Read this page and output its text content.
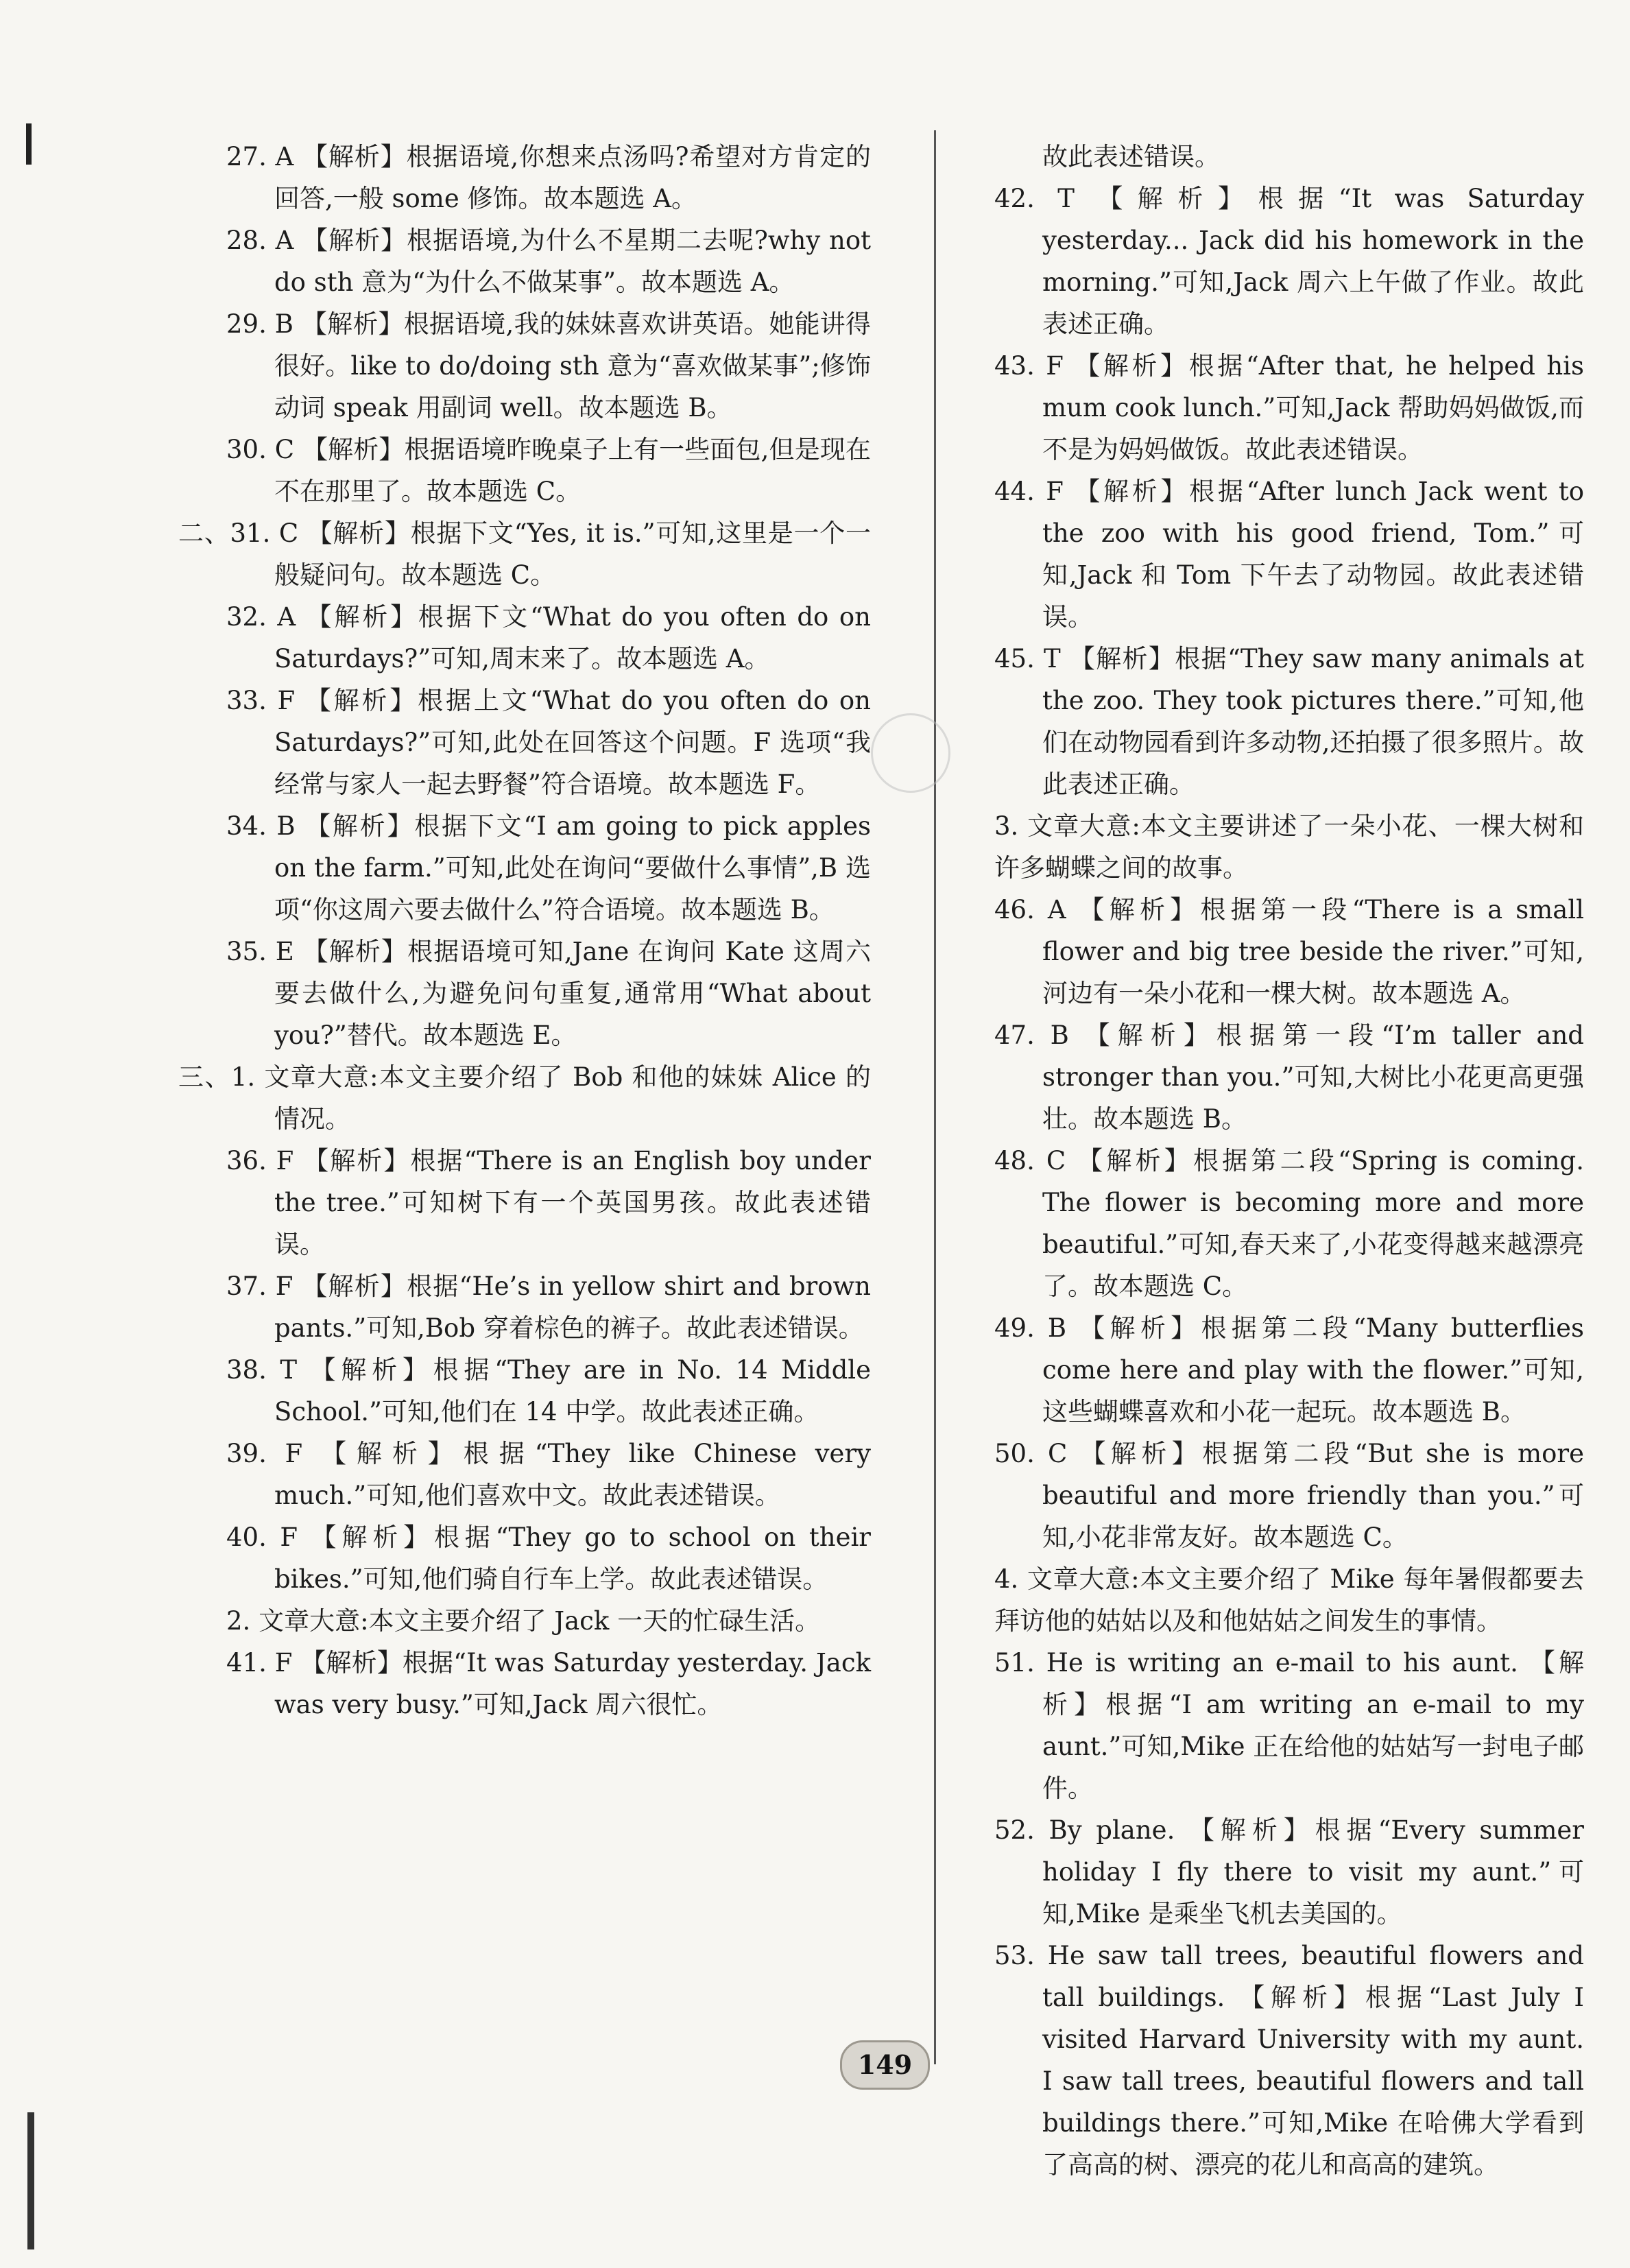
27. A 【解析】根据语境,你想来点汤吗?希望对方肯定的回答,一般 some 修饰。故本题选 A。

28. A 【解析】根据语境,为什么不星期二去呢?why not do sth 意为“为什么不做某事”。故本题选 A。

29. B 【解析】根据语境,我的妹妹喜欢讲英语。她能讲得很好。like to do/doing sth 意为“喜欢做某事”;修饰动词 speak 用副词 well。故本题选 B。

30. C 【解析】根据语境昨晚桌子上有一些面包,但是现在不在那里了。故本题选 C。

二、31. C 【解析】根据下文“Yes, it is.”可知,这里是一个一般疑问句。故本题选 C。

32. A 【解析】根据下文“What do you often do on Saturdays?”可知,周末来了。故本题选 A。

33. F 【解析】根据上文“What do you often do on Saturdays?”可知,此处在回答这个问题。F 选项“我经常与家人一起去野餐”符合语境。故本题选 F。

34. B 【解析】根据下文“I am going to pick apples on the farm.”可知,此处在询问“要做什么事情”,B 选项“你这周六要去做什么”符合语境。故本题选 B。

35. E 【解析】根据语境可知,Jane 在询问 Kate 这周六要去做什么,为避免问句重复,通常用“What about you?”替代。故本题选 E。

三、1. 文章大意:本文主要介绍了 Bob 和他的妹妹 Alice 的情况。

36. F 【解析】根据“There is an English boy under the tree.”可知树下有一个英国男孩。故此表述错误。

37. F 【解析】根据“He’s in yellow shirt and brown pants.”可知,Bob 穿着棕色的裤子。故此表述错误。

38. T 【解析】根据“They are in No. 14 Middle School.”可知,他们在 14 中学。故此表述正确。

39. F 【解析】根据“They like Chinese very much.”可知,他们喜欢中文。故此表述错误。

40. F 【解析】根据“They go to school on their bikes.”可知,他们骑自行车上学。故此表述错误。

2. 文章大意:本文主要介绍了 Jack 一天的忙碌生活。

41. F 【解析】根据“It was Saturday yesterday. Jack was very busy.”可知,Jack 周六很忙。

故此表述错误。

42. T 【解析】根据“It was Saturday yesterday... Jack did his homework in the morning.”可知,Jack 周六上午做了作业。故此表述正确。

43. F 【解析】根据“After that, he helped his mum cook lunch.”可知,Jack 帮助妈妈做饭,而不是为妈妈做饭。故此表述错误。

44. F 【解析】根据“After lunch Jack went to the zoo with his good friend, Tom.”可知,Jack 和 Tom 下午去了动物园。故此表述错误。

45. T 【解析】根据“They saw many animals at the zoo. They took pictures there.”可知,他们在动物园看到许多动物,还拍摄了很多照片。故此表述正确。

3. 文章大意:本文主要讲述了一朵小花、一棵大树和许多蝴蝶之间的故事。

46. A 【解析】根据第一段“There is a small flower and big tree beside the river.”可知,河边有一朵小花和一棵大树。故本题选 A。

47. B 【解析】根据第一段“I’m taller and stronger than you.”可知,大树比小花更高更强壮。故本题选 B。

48. C 【解析】根据第二段“Spring is coming. The flower is becoming more and more beautiful.”可知,春天来了,小花变得越来越漂亮了。故本题选 C。

49. B 【解析】根据第二段“Many butterflies come here and play with the flower.”可知,这些蝴蝶喜欢和小花一起玩。故本题选 B。

50. C 【解析】根据第二段“But she is more beautiful and more friendly than you.”可知,小花非常友好。故本题选 C。

4. 文章大意:本文主要介绍了 Mike 每年暑假都要去拜访他的姑姑以及和他姑姑之间发生的事情。

51. He is writing an e-mail to his aunt. 【解析】根据“I am writing an e-mail to my aunt.”可知,Mike 正在给他的姑姑写一封电子邮件。

52. By plane. 【解析】根据“Every summer holiday I fly there to visit my aunt.”可知,Mike 是乘坐飞机去美国的。

53. He saw tall trees, beautiful flowers and tall buildings. 【解析】根据“Last July I visited Harvard University with my aunt. I saw tall trees, beautiful flowers and tall buildings there.”可知,Mike 在哈佛大学看到了高高的树、漂亮的花儿和高高的建筑。

149
